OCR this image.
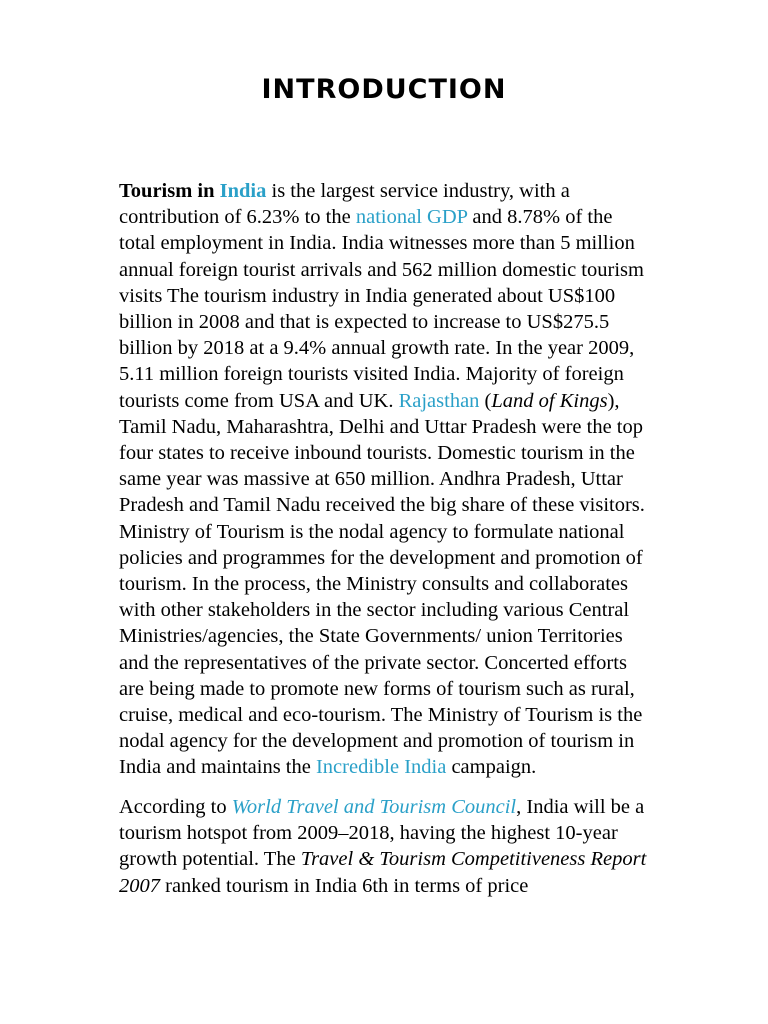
INTRODUCTION

Tourism in India is the largest service industry, with a
contribution of 6.23% to the national GDP and 8.78% of the
total employment in India. India witnesses more than 5 million
annual foreign tourist arrivals and 562 million domestic tourism
visits The tourism industry in India generated about US$100
billion in 2008 and that is expected to increase to US$275.5
billion by 2018 at a 9.4% annual growth rate. In the year 2009,
5.11 million foreign tourists visited India. Majority of foreign
tourists come from USA and UK. Rajasthan (Land of Kings),
Tamil Nadu, Maharashtra, Delhi and Uttar Pradesh were the top
four states to receive inbound tourists. Domestic tourism in the
same year was massive at 650 million. Andhra Pradesh, Uttar
Pradesh and Tamil Nadu received the big share of these visitors.
Ministry of Tourism is the nodal agency to formulate national
policies and programmes for the development and promotion of
tourism. In the process, the Ministry consults and collaborates
with other stakeholders in the sector including various Central
Ministries/agencies, the State Governments/ union Territories
and the representatives of the private sector. Concerted efforts
are being made to promote new forms of tourism such as rural,
cruise, medical and eco-tourism. The Ministry of Tourism is the
nodal agency for the development and promotion of tourism in
India and maintains the Incredible India campaign.

According to World Travel and Tourism Council, India will be a
tourism hotspot from 2009–2018, having the highest 10-year
growth potential. The Travel & Tourism Competitiveness Report
2007 ranked tourism in India 6th in terms of price
